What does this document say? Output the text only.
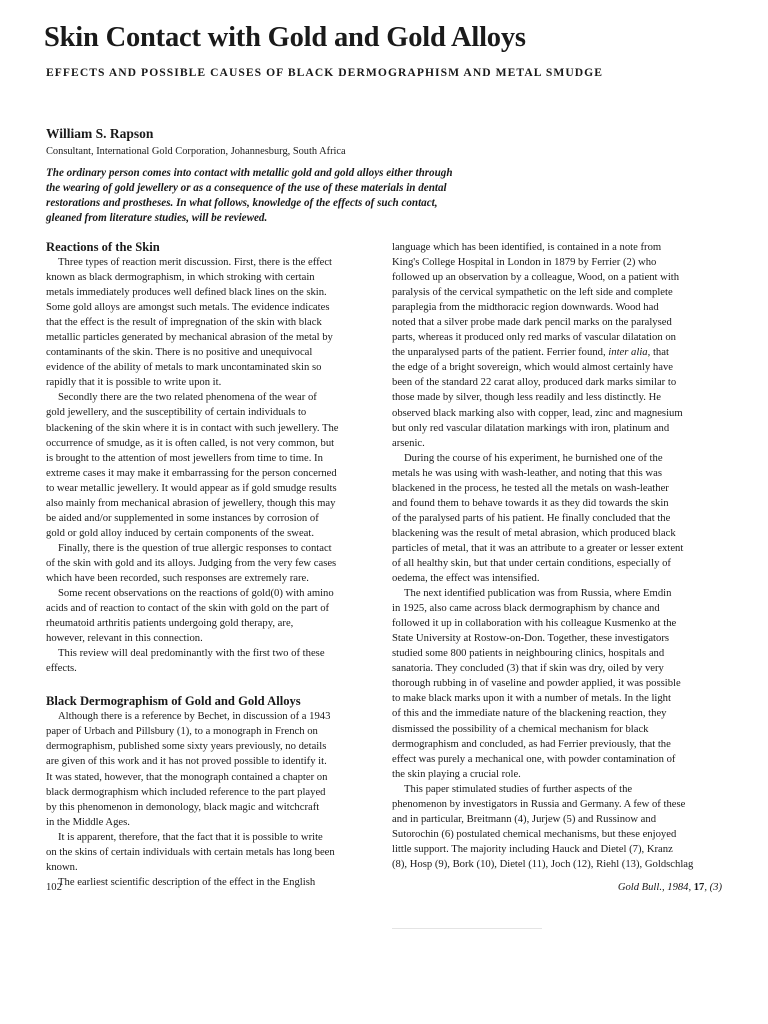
Skin Contact with Gold and Gold Alloys

EFFECTS AND POSSIBLE CAUSES OF BLACK DERMOGRAPHISM AND METAL SMUDGE

William S. Rapson

Consultant, International Gold Corporation, Johannesburg, South Africa

The ordinary person comes into contact with metallic gold and gold alloys either through
the wearing of gold jewellery or as a consequence of the use of these materials in dental
restorations and prostheses. In what follows, knowledge of the effects of such contact,
gleaned from literature studies, will be reviewed.

Reactions of the Skin

Three types of reaction merit discussion. First, there is the effect
known as black dermographism, in which stroking with certain
metals immediately produces well defined black lines on the skin.
Some gold alloys are amongst such metals. The evidence indicates
that the effect is the result of impregnation of the skin with black
metallic particles generated by mechanical abrasion of the metal by
contaminants of the skin. There is no positive and unequivocal
evidence of the ability of metals to mark uncontaminated skin so
rapidly that it is possible to write upon it.

Secondly there are the two related phenomena of the wear of
gold jewellery, and the susceptibility of certain individuals to
blackening of the skin where it is in contact with such jewellery. The
occurrence of smudge, as it is often called, is not very common, but
is brought to the attention of most jewellers from time to time. In
extreme cases it may make it embarrassing for the person concerned
to wear metallic jewellery. It would appear as if gold smudge results
also mainly from mechanical abrasion of jewellery, though this may
be aided and/or supplemented in some instances by corrosion of
gold or gold alloy induced by certain components of the sweat.

Finally, there is the question of true allergic responses to contact
of the skin with gold and its alloys. Judging from the very few cases
which have been recorded, such responses are extremely rare.

Some recent observations on the reactions of gold(0) with amino
acids and of reaction to contact of the skin with gold on the part of
rheumatoid arthritis patients undergoing gold therapy, are,
however, relevant in this connection.

This review will deal predominantly with the first two of these
effects.

Black Dermographism of Gold and Gold Alloys

Although there is a reference by Bechet, in discussion of a 1943
paper of Urbach and Pillsbury (1), to a monograph in French on
dermographism, published some sixty years previously, no details
are given of this work and it has not proved possible to identify it.
It was stated, however, that the monograph contained a chapter on
black dermographism which included reference to the part played
by this phenomenon in demonology, black magic and witchcraft
in the Middle Ages.

It is apparent, therefore, that the fact that it is possible to write
on the skins of certain individuals with certain metals has long been
known.

The earliest scientific description of the effect in the English

language which has been identified, is contained in a note from
King's College Hospital in London in 1879 by Ferrier (2) who
followed up an observation by a colleague, Wood, on a patient with
paralysis of the cervical sympathetic on the left side and complete
paraplegia from the midthoracic region downwards. Wood had
noted that a silver probe made dark pencil marks on the paralysed
parts, whereas it produced only red marks of vascular dilatation on
the unparalysed parts of the patient. Ferrier found, inter alia, that
the edge of a bright sovereign, which would almost certainly have
been of the standard 22 carat alloy, produced dark marks similar to
those made by silver, though less readily and less distinctly. He
observed black marking also with copper, lead, zinc and magnesium
but only red vascular dilatation markings with iron, platinum and
arsenic.

During the course of his experiment, he burnished one of the
metals he was using with wash-leather, and noting that this was
blackened in the process, he tested all the metals on wash-leather
and found them to behave towards it as they did towards the skin
of the paralysed parts of his patient. He finally concluded that the
blackening was the result of metal abrasion, which produced black
particles of metal, that it was an attribute to a greater or lesser extent
of all healthy skin, but that under certain conditions, especially of
oedema, the effect was intensified.

The next identified publication was from Russia, where Emdin
in 1925, also came across black dermographism by chance and
followed it up in collaboration with his colleague Kusmenko at the
State University at Rostow-on-Don. Together, these investigators
studied some 800 patients in neighbouring clinics, hospitals and
sanatoria. They concluded (3) that if skin was dry, oiled by very
thorough rubbing in of vaseline and powder applied, it was possible
to make black marks upon it with a number of metals. In the light
of this and the immediate nature of the blackening reaction, they
dismissed the possibility of a chemical mechanism for black
dermographism and concluded, as had Ferrier previously, that the
effect was purely a mechanical one, with powder contamination of
the skin playing a crucial role.

This paper stimulated studies of further aspects of the
phenomenon by investigators in Russia and Germany. A few of these
and in particular, Breitmann (4), Jurjew (5) and Russinow and
Sutorochin (6) postulated chemical mechanisms, but these enjoyed
little support. The majority including Hauck and Dietel (7), Kranz
(8), Hosp (9), Bork (10), Dietel (11), Joch (12), Riehl (13), Goldschlag

102	Gold Bull., 1984, 17, (3)
